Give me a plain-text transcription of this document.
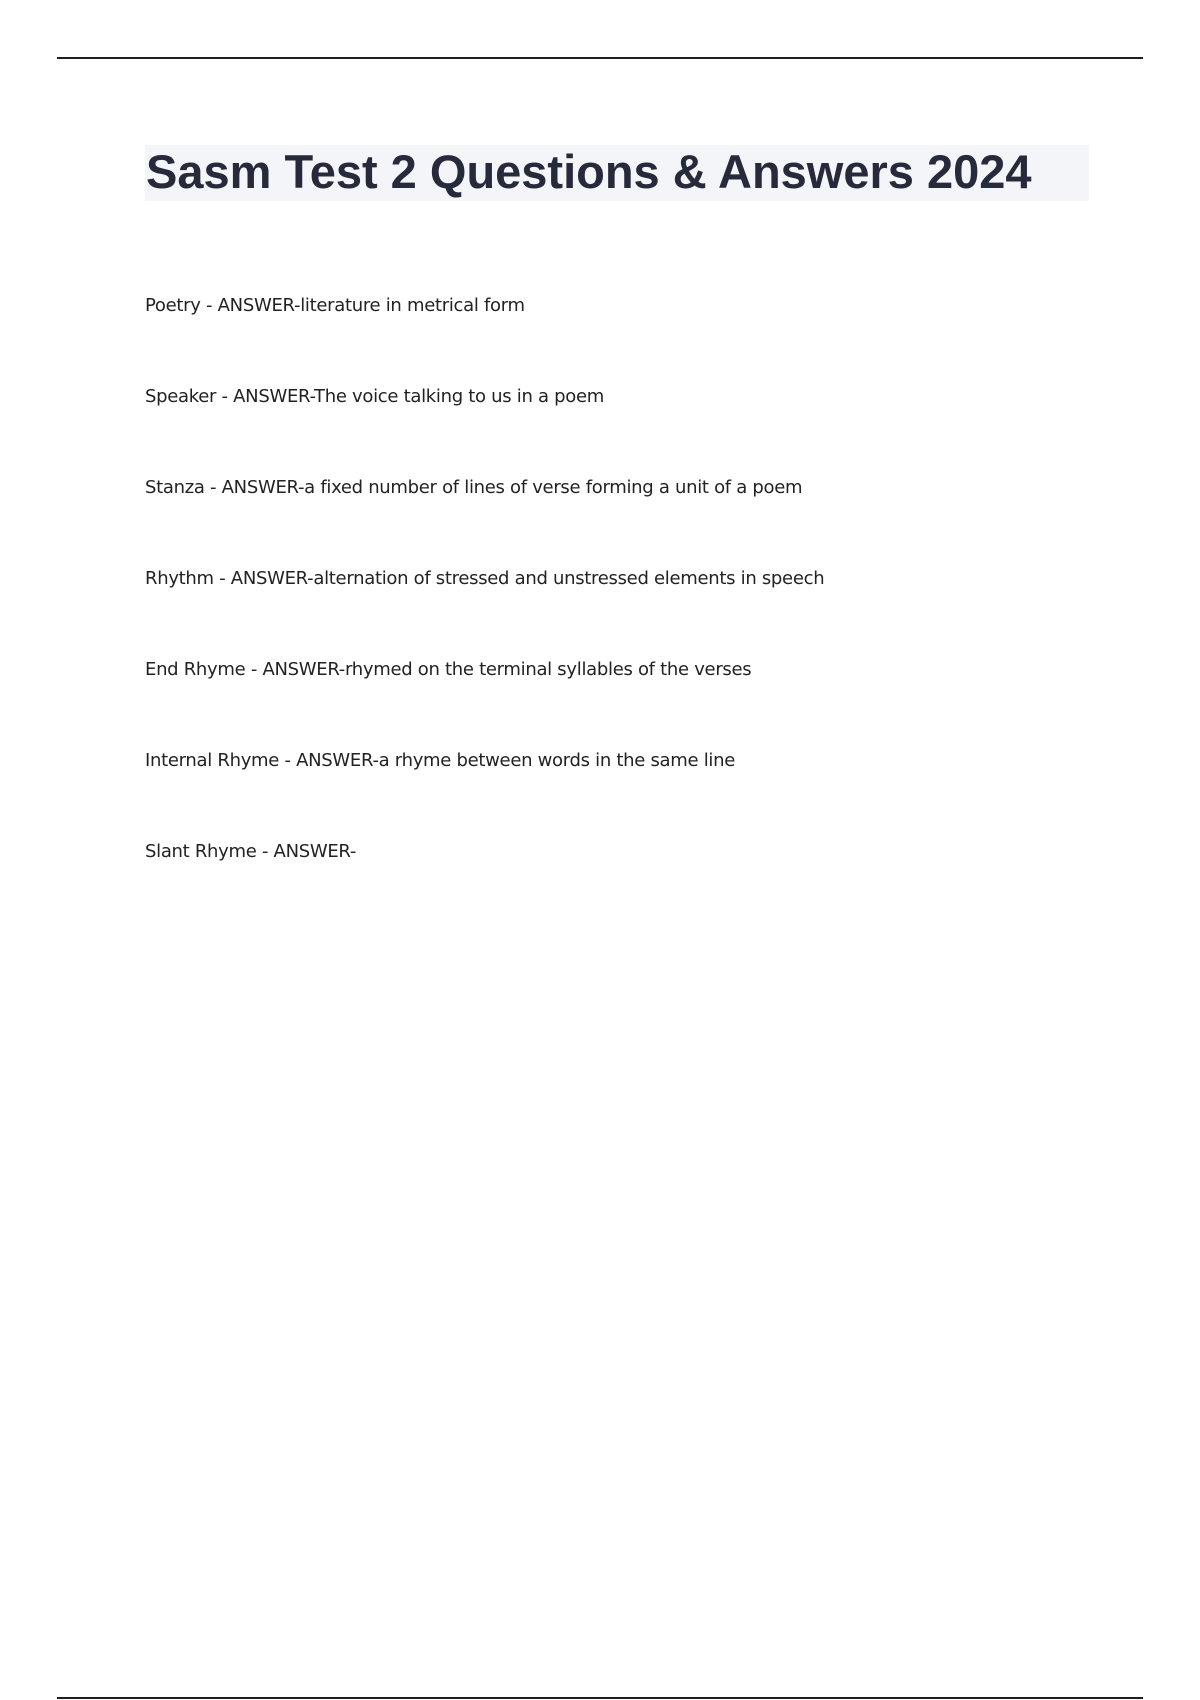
Sasm Test 2 Questions & Answers 2024
Poetry - ANSWER-literature in metrical form
Speaker - ANSWER-The voice talking to us in a poem
Stanza - ANSWER-a fixed number of lines of verse forming a unit of a poem
Rhythm - ANSWER-alternation of stressed and unstressed elements in speech
End Rhyme - ANSWER-rhymed on the terminal syllables of the verses
Internal Rhyme - ANSWER-a rhyme between words in the same line
Slant Rhyme - ANSWER-
